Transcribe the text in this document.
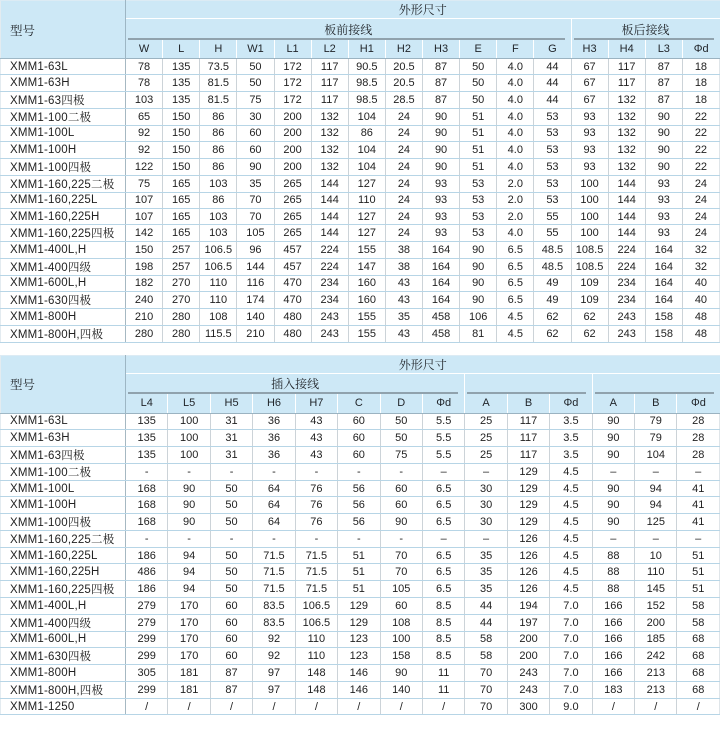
型号	外形尺寸															
	板前接线												板后接线			
	W	L	H	W1	L1	L2	H1	H2	H3	E	F	G	H3	H4	L3	Φd
XMM1-63L	78	135	73.5	50	172	117	90.5	20.5	87	50	4.0	44	67	117	87	18
XMM1-63H	78	135	81.5	50	172	117	98.5	20.5	87	50	4.0	44	67	117	87	18
XMM1-63四极	103	135	81.5	75	172	117	98.5	28.5	87	50	4.0	44	67	132	87	18
XMM1-100二极	65	150	86	30	200	132	104	24	90	51	4.0	53	93	132	90	22
XMM1-100L	92	150	86	60	200	132	86	24	90	51	4.0	53	93	132	90	22
XMM1-100H	92	150	86	60	200	132	104	24	90	51	4.0	53	93	132	90	22
XMM1-100四极	122	150	86	90	200	132	104	24	90	51	4.0	53	93	132	90	22
XMM1-160,225二极	75	165	103	35	265	144	127	24	93	53	2.0	53	100	144	93	24
XMM1-160,225L	107	165	86	70	265	144	110	24	93	53	2.0	53	100	144	93	24
XMM1-160,225H	107	165	103	70	265	144	127	24	93	53	2.0	55	100	144	93	24
XMM1-160,225四极	142	165	103	105	265	144	127	24	93	53	4.0	55	100	144	93	24
XMM1-400L,H	150	257	106.5	96	457	224	155	38	164	90	6.5	48.5	108.5	224	164	32
XMM1-400四级	198	257	106.5	144	457	224	147	38	164	90	6.5	48.5	108.5	224	164	32
XMM1-600L,H	182	270	110	116	470	234	160	43	164	90	6.5	49	109	234	164	40
XMM1-630四极	240	270	110	174	470	234	160	43	164	90	6.5	49	109	234	164	40
XMM1-800H	210	280	108	140	480	243	155	35	458	106	4.5	62	62	243	158	48
XMM1-800H,四极	280	280	115.5	210	480	243	155	43	458	81	4.5	62	62	243	158	48
型号	外形尺寸													
	插入接线													
	L4	L5	H5	H6	H7	C	D	Φd	A	B	Φd	A	B	Φd
XMM1-63L	135	100	31	36	43	60	50	5.5	25	117	3.5	90	79	28
XMM1-63H	135	100	31	36	43	60	50	5.5	25	117	3.5	90	79	28
XMM1-63四极	135	100	31	36	43	60	75	5.5	25	117	3.5	90	104	28
XMM1-100二极	-	-	-	-	-	-	-	–	–	129	4.5	–	–	–
XMM1-100L	168	90	50	64	76	56	60	6.5	30	129	4.5	90	94	41
XMM1-100H	168	90	50	64	76	56	60	6.5	30	129	4.5	90	94	41
XMM1-100四极	168	90	50	64	76	56	90	6.5	30	129	4.5	90	125	41
XMM1-160,225二极	-	-	-	-	-	-	-	–	–	126	4.5	–	–	–
XMM1-160,225L	186	94	50	71.5	71.5	51	70	6.5	35	126	4.5	88	10	51
XMM1-160,225H	486	94	50	71.5	71.5	51	70	6.5	35	126	4.5	88	110	51
XMM1-160,225四极	186	94	50	71.5	71.5	51	105	6.5	35	126	4.5	88	145	51
XMM1-400L,H	279	170	60	83.5	106.5	129	60	8.5	44	194	7.0	166	152	58
XMM1-400四级	279	170	60	83.5	106.5	129	108	8.5	44	197	7.0	166	200	58
XMM1-600L,H	299	170	60	92	110	123	100	8.5	58	200	7.0	166	185	68
XMM1-630四极	299	170	60	92	110	123	158	8.5	58	200	7.0	166	242	68
XMM1-800H	305	181	87	97	148	146	90	11	70	243	7.0	166	213	68
XMM1-800H,四极	299	181	87	97	148	146	140	11	70	243	7.0	183	213	68
XMM1-1250	/	/	/	/	/	/	/	/	70	300	9.0	/	/	/
